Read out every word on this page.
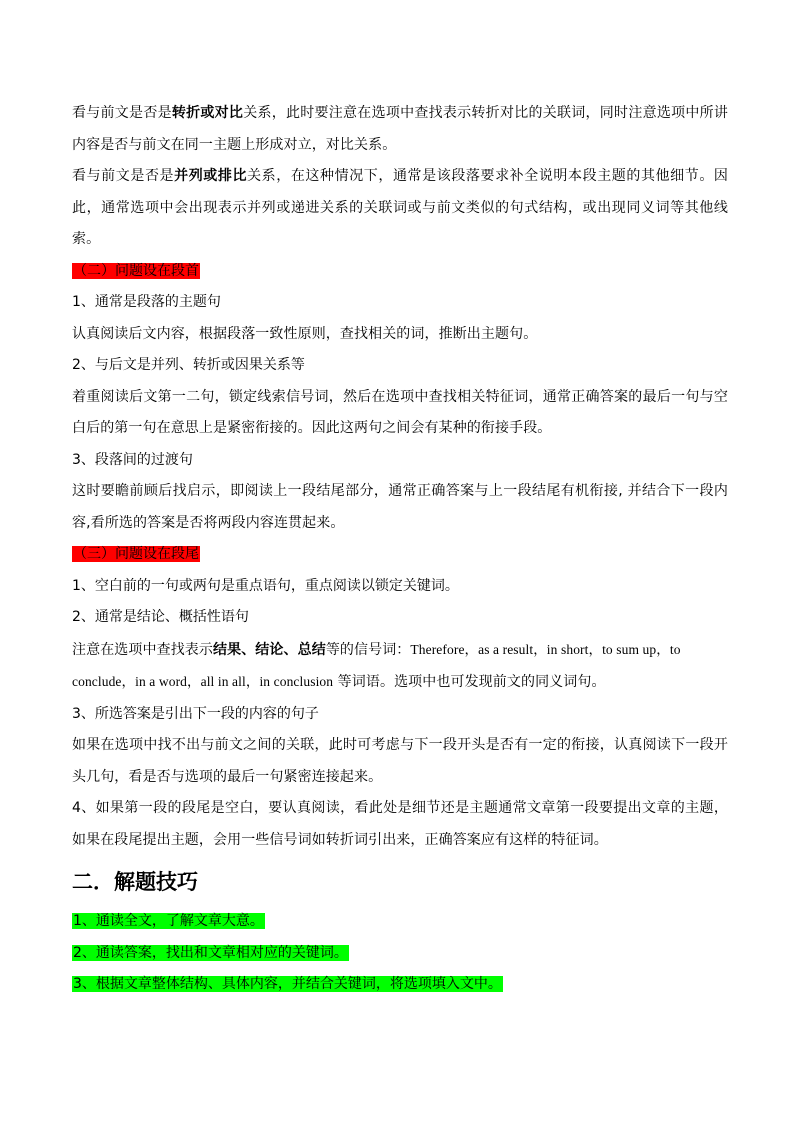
看与前文是否是转折或对比关系，此时要注意在选项中查找表示转折对比的关联词，同时注意选项中所讲内容是否与前文在同一主题上形成对立，对比关系。
看与前文是否是并列或排比关系，在这种情况下，通常是该段落要求补全说明本段主题的其他细节。因此，通常选项中会出现表示并列或递进关系的关联词或与前文类似的句式结构，或出现同义词等其他线索。
（二）问题设在段首
1、通常是段落的主题句
认真阅读后文内容，根据段落一致性原则，查找相关的词，推断出主题句。
2、与后文是并列、转折或因果关系等
着重阅读后文第一二句，锁定线索信号词，然后在选项中查找相关特征词，通常正确答案的最后一句与空白后的第一句在意思上是紧密衔接的。因此这两句之间会有某种的衔接手段。
3、段落间的过渡句
这时要瞻前顾后找启示，即阅读上一段结尾部分，通常正确答案与上一段结尾有机衔接, 并结合下一段内容,看所选的答案是否将两段内容连贯起来。
（三）问题设在段尾
1、空白前的一句或两句是重点语句，重点阅读以锁定关键词。
2、通常是结论、概括性语句
注意在选项中查找表示结果、结论、总结等的信号词：Therefore，as a result，in short，to sum up，to
conclude，in a word，all in all，in conclusion 等词语。选项中也可发现前文的同义词句。
3、所选答案是引出下一段的内容的句子
如果在选项中找不出与前文之间的关联，此时可考虑与下一段开头是否有一定的衔接，认真阅读下一段开头几句，看是否与选项的最后一句紧密连接起来。
4、如果第一段的段尾是空白，要认真阅读，看此处是细节还是主题通常文章第一段要提出文章的主题，如果在段尾提出主题，会用一些信号词如转折词引出来，正确答案应有这样的特征词。
二．解题技巧
1、通读全文，了解文章大意。
2、通读答案，找出和文章相对应的关键词。
3、根据文章整体结构、具体内容，并结合关键词，将选项填入文中。
